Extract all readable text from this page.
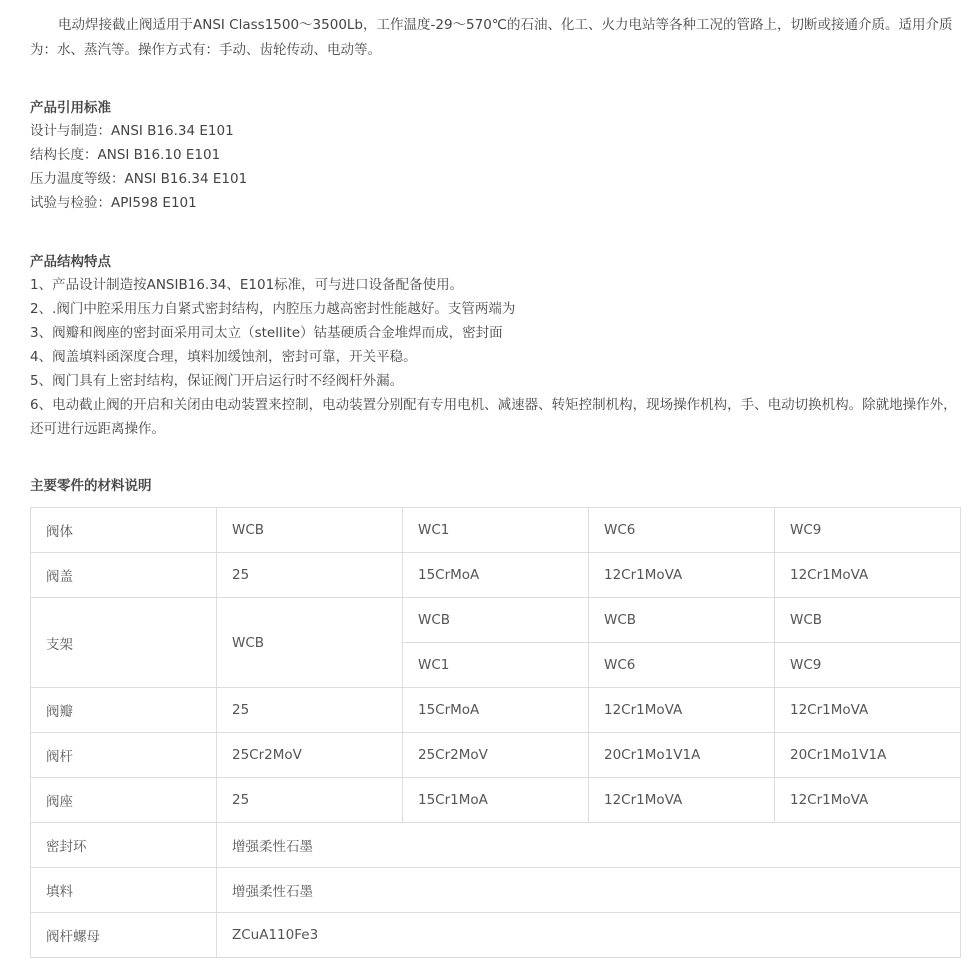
电动焊接截止阀适用于ANSI Class1500～3500Lb，工作温度-29～570℃的石油、化工、火力电站等各种工况的管路上，切断或接通介质。适用介质为：水、蒸汽等。操作方式有：手动、齿轮传动、电动等。

产品引用标准

设计与制造：ANSI B16.34 E101

结构长度：ANSI B16.10 E101

压力温度等级：ANSI B16.34 E101

试验与检验：API598 E101

产品结构特点

1、产品设计制造按ANSIB16.34、E101标准，可与进口设备配备使用。

2、.阀门中腔采用压力自紧式密封结构，内腔压力越高密封性能越好。支管两端为

3、阀瓣和阀座的密封面采用司太立（stellite）钴基硬质合金堆焊而成，密封面

4、阀盖填料函深度合理，填料加缓蚀剂，密封可靠，开关平稳。

5、阀门具有上密封结构，保证阀门开启运行时不经阀杆外漏。

6、电动截止阀的开启和关闭由电动装置来控制，电动装置分别配有专用电机、减速器、转矩控制机构，现场操作机构，手、电动切换机构。除就地操作外，还可进行远距离操作。

主要零件的材料说明

阀体	WCB	WC1	WC6	WC9
阀盖	25	15CrMoA	12Cr1MoVA	12Cr1MoVA
支架	WCB	WCB	WCB	WCB
		WC1	WC6	WC9
阀瓣	25	15CrMoA	12Cr1MoVA	12Cr1MoVA
阀杆	25Cr2MoV	25Cr2MoV	20Cr1Mo1V1A	20Cr1Mo1V1A
阀座	25	15Cr1MoA	12Cr1MoVA	12Cr1MoVA
密封环	增强柔性石墨			
填料	增强柔性石墨			
阀杆螺母	ZCuA110Fe3			
